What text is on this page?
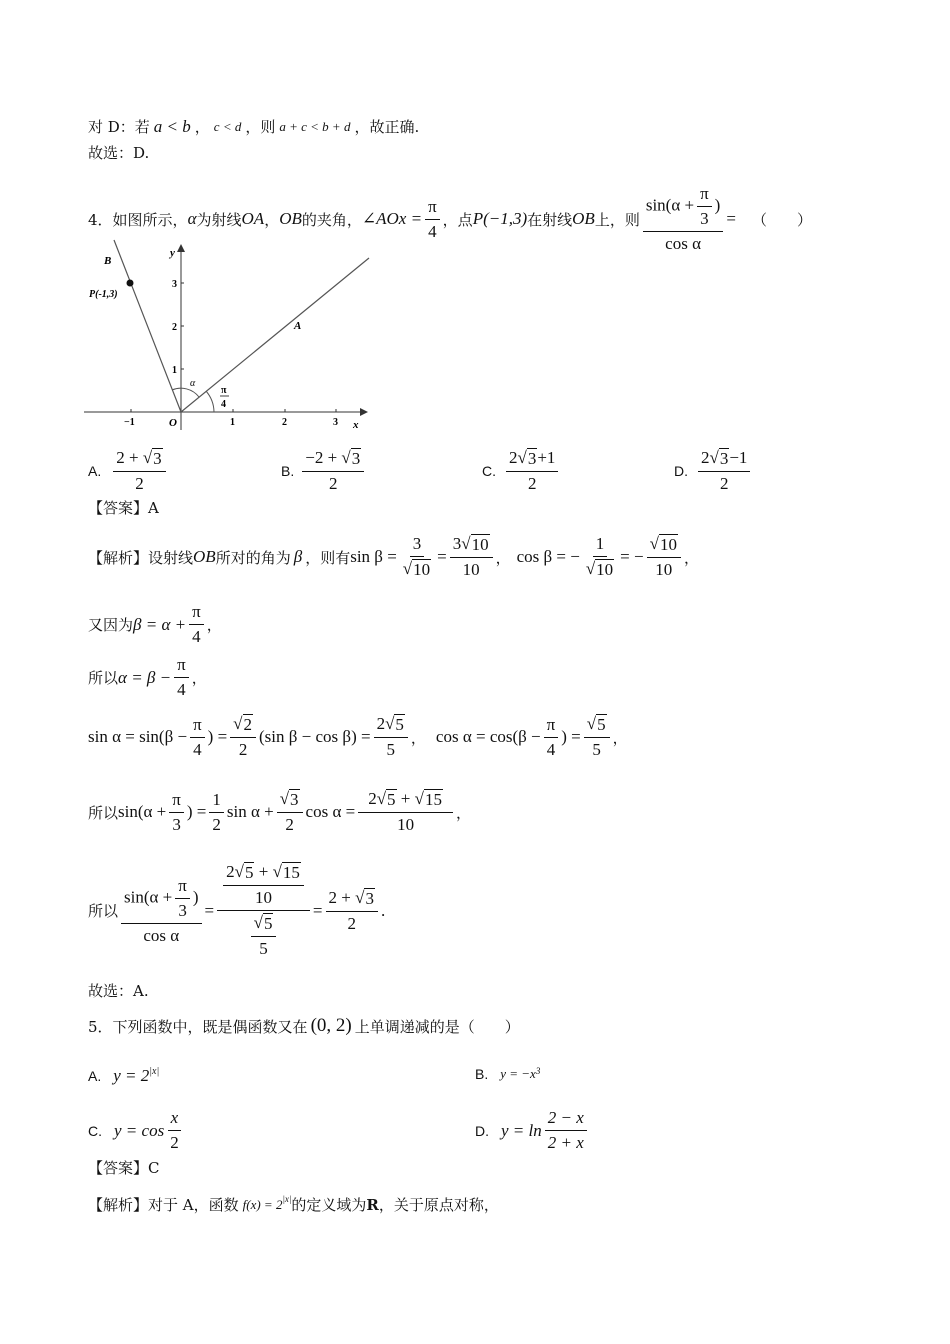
对 D：若 a < b ， c < d ，则 a + c < b + d ，故正确.
故选：D.
4． 如图所示， α 为射线 OA ， OB 的夹角， ∠AOx = $\frac{\pi}{4}$ ，点 P(−1,3) 在射线 OB 上，则 $\frac{\sin(\alpha + \frac{\pi}{3} )}{\text{cos α}}$ = （　　）
B
P(-1,3)
A
y
x
O
α
π
4
−1	1	2	3
1
2
3
A. $\frac{2 + √ 3}{2}$	B. $\frac{-2 + √ 3}{2}$	C. $\frac{2 √ 3 +1}{2}$	D. $\frac{2 √ 3 -1}{2}$
【答案】A
【解析】 设射线 OB 所对的角为 β ，则有 $\sin \beta = \frac{3}{√ 10} = \frac{3 √ 10}{10}$ ， cos β = − $\frac{1}{√ 10}$ = − $\frac{√ 10}{10}$ ，
又因为 $\beta = \alpha + \frac{\pi}{4}$ ，
所以 $\alpha = \beta - \frac{\pi}{4}$ ，
$\sin \alpha = \sin(\beta - \frac{\pi}{4}$ ) = $\frac{√ 2}{2} (\sin$ $\beta - \cos \beta) = \frac{2 √ 5}{5}$ ， $\cos \alpha = \cos(\beta - \frac{\pi}{4}$ ) = $\frac{√ 5}{5}$ ，
所以 $\sin(\alpha + \frac{\pi}{3}$ ) = $\frac{1}{2}$ $\sin \alpha + \frac{√ 3}{2}$ $\cos \alpha = \frac{2 √ 5 + √ 15}{10}$ ，
所以 $\frac{\sin(\alpha + \frac{\pi}{3} )}{\text{cos α}} = \frac{\frac{2 √ 5 + √ 15}{10}}{\frac{√ 5}{5}} = \frac{2 + √ 3}{2}$ .
故选：A.
5． 下列函数中，既是偶函数又在 (0, 2) 上单调递减的是（　　）
A. $y = 2^{|x|}$	B. $y = -x^3$
C. $y = \cos \frac{x}{2}$	D. $y = \ln \frac{2 - x}{2 + x}$
【答案】C
【解析】 对于 A，函数 $f(x) = 2^{|x|}$ 的定义域为 R ，关于原点对称，
